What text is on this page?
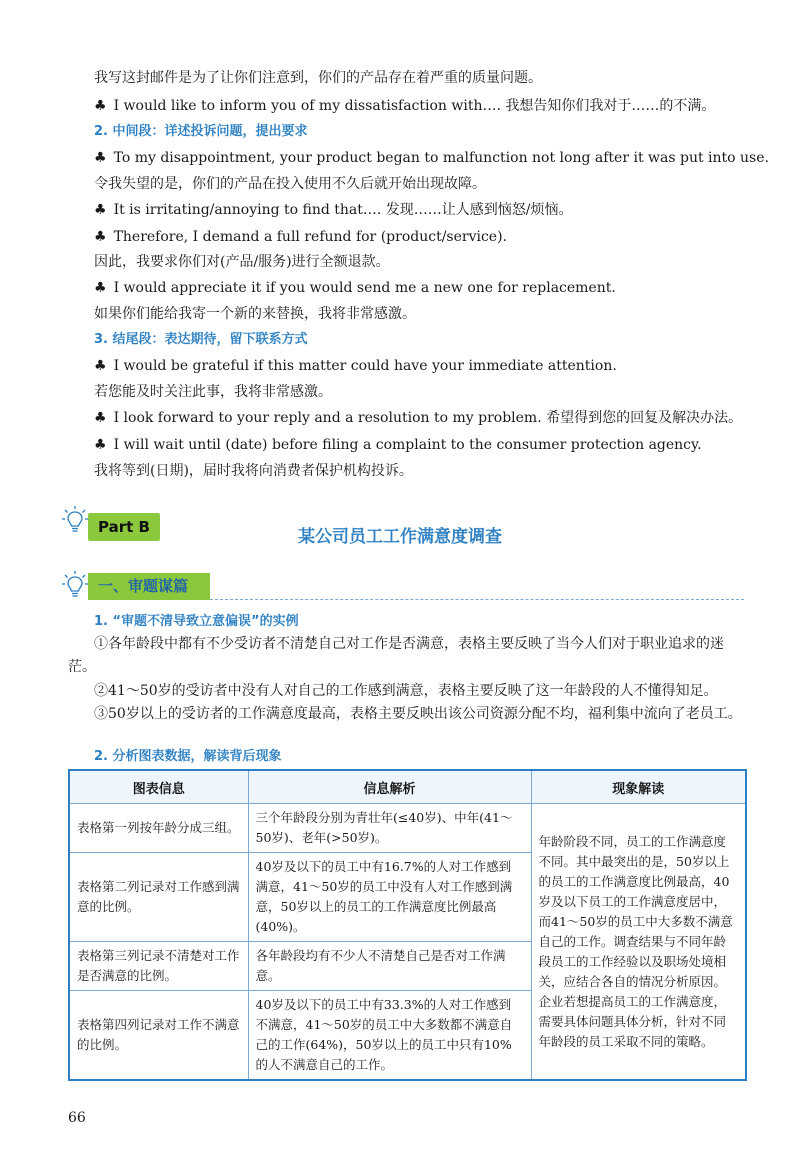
我写这封邮件是为了让你们注意到，你们的产品存在着严重的质量问题。
♣ I would like to inform you of my dissatisfaction with…. 我想告知你们我对于……的不满。
2. 中间段：详述投诉问题，提出要求
♣ To my disappointment, your product began to malfunction not long after it was put into use.
令我失望的是，你们的产品在投入使用不久后就开始出现故障。
♣ It is irritating/annoying to find that…. 发现……让人感到恼怒/烦恼。
♣ Therefore, I demand a full refund for (product/service).
因此，我要求你们对(产品/服务)进行全额退款。
♣ I would appreciate it if you would send me a new one for replacement.
如果你们能给我寄一个新的来替换，我将非常感激。
3. 结尾段：表达期待，留下联系方式
♣ I would be grateful if this matter could have your immediate attention.
若您能及时关注此事，我将非常感激。
♣ I look forward to your reply and a resolution to my problem. 希望得到您的回复及解决办法。
♣ I will wait until (date) before filing a complaint to the consumer protection agency.
我将等到(日期)，届时我将向消费者保护机构投诉。
Part B	某公司员工工作满意度调查
一、审题谋篇
1. “审题不清导致立意偏误”的实例
①各年龄段中都有不少受访者不清楚自己对工作是否满意，表格主要反映了当今人们对于职业追求的迷茫。
②41～50岁的受访者中没有人对自己的工作感到满意，表格主要反映了这一年龄段的人不懂得知足。
③50岁以上的受访者的工作满意度最高，表格主要反映出该公司资源分配不均，福利集中流向了老员工。
2. 分析图表数据，解读背后现象
图表信息	信息解析	现象解读
表格第一列按年龄分成三组。	三个年龄段分别为青壮年(≤40岁)、中年(41～50岁)、老年(>50岁)。	年龄阶段不同，员工的工作满意度不同。其中最突出的是，50岁以上的员工的工作满意度比例最高，40岁及以下员工的工作满意度居中，而41～50岁的员工中大多数不满意自己的工作。调查结果与不同年龄段员工的工作经验以及职场处境相关，应结合各自的情况分析原因。企业若想提高员工的工作满意度，需要具体问题具体分析，针对不同年龄段的员工采取不同的策略。
表格第二列记录对工作感到满意的比例。	40岁及以下的员工中有16.7%的人对工作感到满意，41～50岁的员工中没有人对工作感到满意，50岁以上的员工的工作满意度比例最高(40%)。	
表格第三列记录不清楚对工作是否满意的比例。	各年龄段均有不少人不清楚自己是否对工作满意。	
表格第四列记录对工作不满意的比例。	40岁及以下的员工中有33.3%的人对工作感到不满意，41～50岁的员工中大多数都不满意自己的工作(64%)，50岁以上的员工中只有10%的人不满意自己的工作。	
66
